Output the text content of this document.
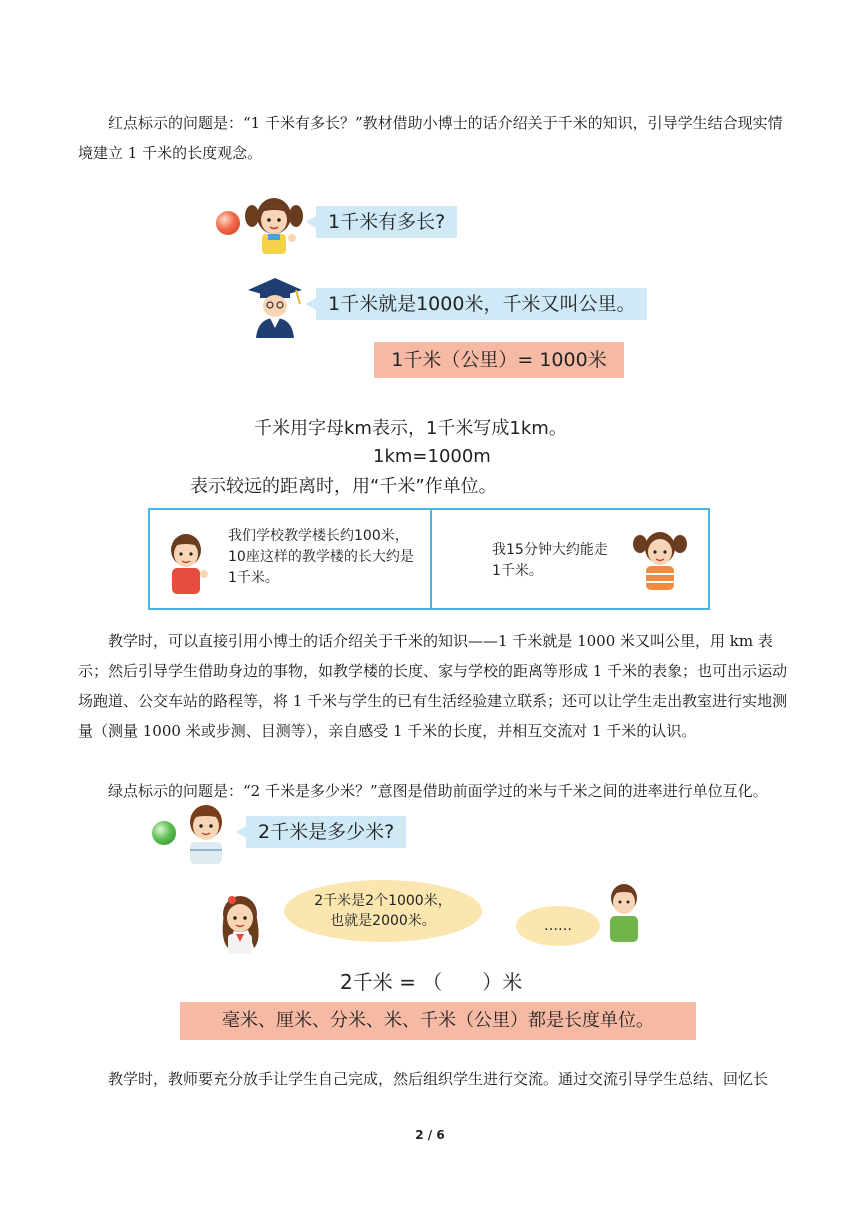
红点标示的问题是：“1 千米有多长？”教材借助小博士的话介绍关于千米的知识，引导学生结合现实情境建立 1 千米的长度观念。
1千米有多长?
1千米就是1000米，千米又叫公里。
1千米（公里）= 1000米
千米用字母km表示，1千米写成1km。
1km=1000m
表示较远的距离时，用“千米”作单位。
我们学校教学楼长约100米，10座这样的教学楼的长大约是1千米。
我15分钟大约能走1千米。
教学时，可以直接引用小博士的话介绍关于千米的知识——1 千米就是 1000 米又叫公里，用 km 表示；然后引导学生借助身边的事物，如教学楼的长度、家与学校的距离等形成 1 千米的表象；也可出示运动场跑道、公交车站的路程等，将 1 千米与学生的已有生活经验建立联系；还可以让学生走出教室进行实地测量（测量 1000 米或步测、目测等），亲自感受 1 千米的长度，并相互交流对 1 千米的认识。
绿点标示的问题是：“2 千米是多少米？”意图是借助前面学过的米与千米之间的进率进行单位互化。
2千米是多少米?
2千米是2个1000米，
也就是2000米。	……
2千米 = （　　）米
毫米、厘米、分米、米、千米（公里）都是长度单位。
教学时，教师要充分放手让学生自己完成，然后组织学生进行交流。通过交流引导学生总结、回忆长
2 / 6
